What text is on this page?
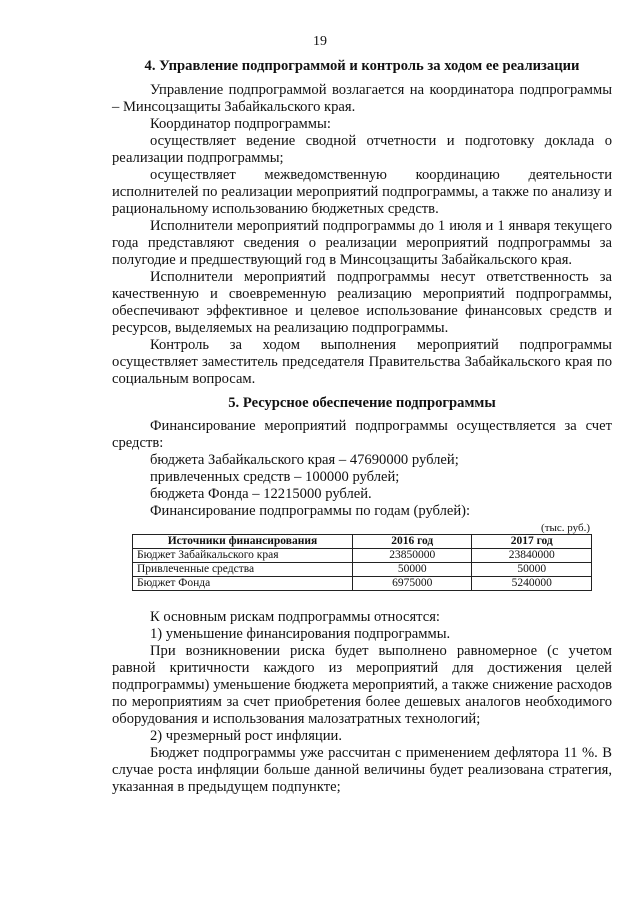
19
4. Управление подпрограммой и контроль за ходом ее реализации

Управление подпрограммой возлагается на координатора подпрограммы – Минсоцзащиты Забайкальского края.

Координатор подпрограммы:

осуществляет ведение сводной отчетности и подготовку доклада о реализации подпрограммы;

осуществляет межведомственную координацию деятельности исполнителей по реализации мероприятий подпрограммы, а также по анализу и рациональному использованию бюджетных средств.

Исполнители мероприятий подпрограммы до 1 июля и 1 января текущего года представляют сведения о реализации мероприятий подпрограммы за полугодие и предшествующий год в Минсоцзащиты Забайкальского края.

Исполнители мероприятий подпрограммы несут ответственность за качественную и своевременную реализацию мероприятий подпрограммы, обеспечивают эффективное и целевое использование финансовых средств и ресурсов, выделяемых на реализацию подпрограммы.

Контроль за ходом выполнения мероприятий подпрограммы осуществляет заместитель председателя Правительства Забайкальского края по социальным вопросам.

5. Ресурсное обеспечение подпрограммы

Финансирование мероприятий подпрограммы осуществляется за счет средств:

бюджета Забайкальского края – 47690000 рублей;

привлеченных средств – 100000 рублей;

бюджета Фонда – 12215000 рублей.

Финансирование подпрограммы по годам (рублей):

(тыс. руб.)
Источники финансирования	2016 год	2017 год
Бюджет Забайкальского края	23850000	23840000
Привлеченные средства	50000	50000
Бюджет Фонда	6975000	5240000

К основным рискам подпрограммы относятся:

1) уменьшение финансирования подпрограммы.

При возникновении риска будет выполнено равномерное (с учетом равной критичности каждого из мероприятий для достижения целей подпрограммы) уменьшение бюджета мероприятий, а также снижение расходов по мероприятиям за счет приобретения более дешевых аналогов необходимого оборудования и использования малозатратных технологий;

2) чрезмерный рост инфляции.

Бюджет подпрограммы уже рассчитан с применением дефлятора 11 %. В случае роста инфляции больше данной величины будет реализована стратегия, указанная в предыдущем подпункте;
